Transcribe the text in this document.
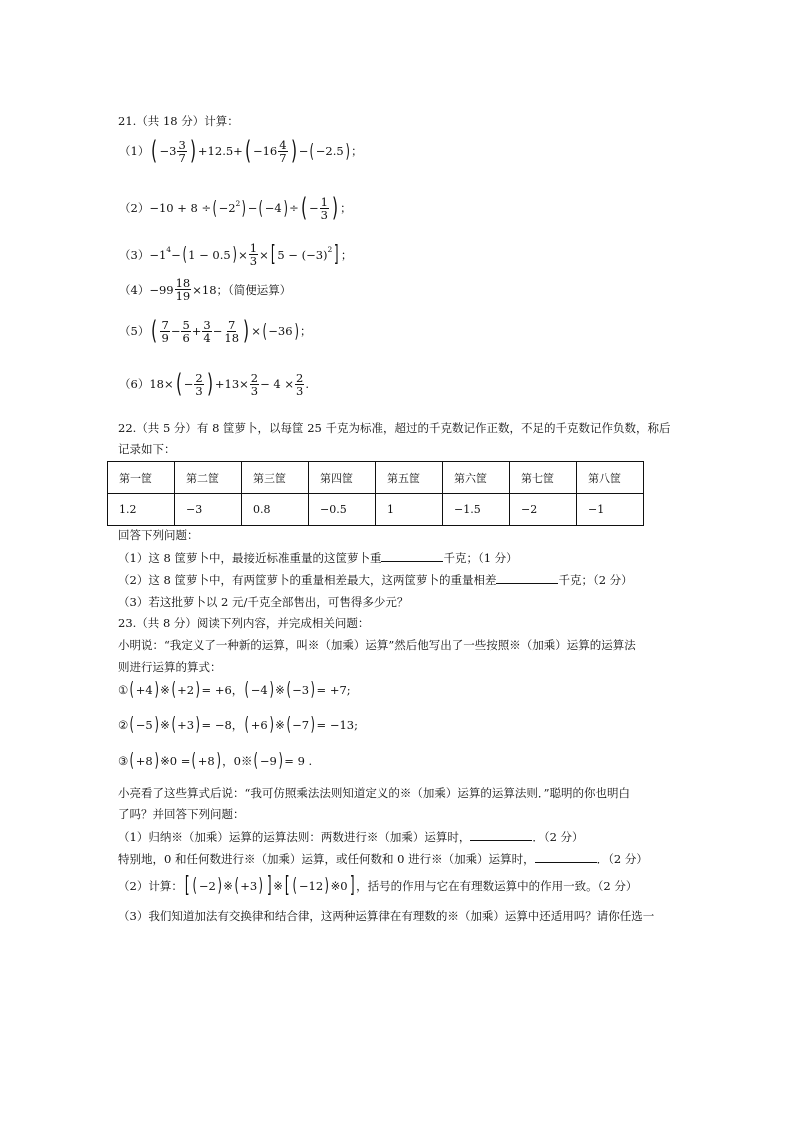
21.（共 18 分）计算：
（1） ( $-3 \frac{3}{7}$ ) +12.5+ ( $-16 \frac{4}{7}$ ) − ( −2.5 ) ；
（2） −10 + 8 ÷ ( −2 2 ) − ( −4 ) ÷ ( − $\frac{1}{3}$ ) ；
（3） −1 4 − ( 1 − 0.5 ) × $\frac{1}{3}$ × [ 5 − (−3) 2 ] ；
$(4) -99 \frac{18}{19} \times 18$；（简便运算）
（5） ( $\frac{7}{9} - \frac{5}{6} + \frac{3}{4} - \frac{7}{18}$ ) × ( −36 ) ；
（6） 18× ( − $\frac{2}{3}$ ) $+13\times \frac{2}{3} - 4 \times \frac{2}{3}$ .
22.（共 5 分）有 8 筐萝卜，以每筐 25 千克为标准，超过的千克数记作正数，不足的千克数记作负数，称后
记录如下：
第一筐	第二筐	第三筐	第四筐	第五筐	第六筐	第七筐	第八筐
1.2	−3	0.8	−0.5	1	−1.5	−2	−1
回答下列问题：
（1）这 8 筐萝卜中，最接近标准重量的这筐萝卜重	千克；（1 分）
（2）这 8 筐萝卜中，有两筐萝卜的重量相差最大，这两筐萝卜的重量相差	千克；（2 分）
（3）若这批萝卜以 2 元/千克全部售出，可售得多少元？
23.（共 8 分）阅读下列内容，并完成相关问题：
小明说：“我定义了一种新的运算，叫※（加乘）运算”然后他写出了一些按照※（加乘）运算的运算法
则进行运算的算式：
① ( +4 ) ※ ( +2 ) = +6， ( −4 ) ※ ( −3 ) = +7;
② ( −5 ) ※ ( +3 ) = −8， ( +6 ) ※ ( −7 ) = −13;
③ ( +8 ) ※0 = ( +8 ) ，0※ ( −9 ) = 9 .
小亮看了这些算式后说：“我可仿照乘法法则知道定义的※（加乘）运算的运算法则．”聪明的你也明白
了吗？并回答下列问题：
（1）归纳※（加乘）运算的运算法则：两数进行※（加乘）运算时，	．（2 分）
特别地，0 和任何数进行※（加乘）运算，或任何数和 0 进行※（加乘）运算时，	．（2 分）
（2）计算： [ ( −2 ) ※ ( +3 ) ] ※ [ ( −12 ) ※0 ] ，括号的作用与它在有理数运算中的作用一致。（2 分）
（3）我们知道加法有交换律和结合律，这两种运算律在有理数的※（加乘）运算中还适用吗？请你任选一
